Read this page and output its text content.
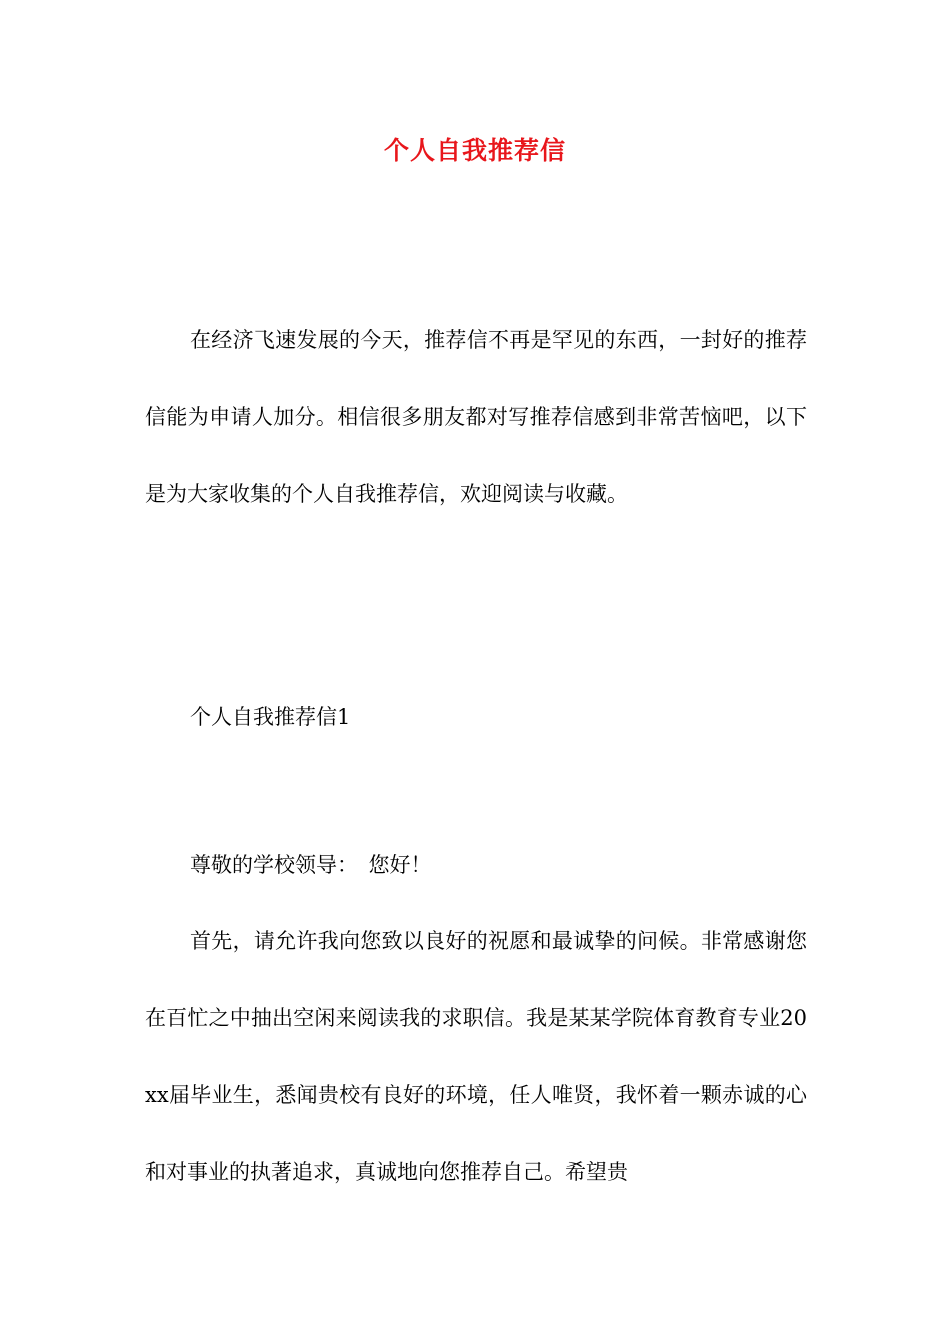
个人自我推荐信

在经济飞速发展的今天，推荐信不再是罕见的东西，一封好的推荐信能为申请人加分。相信很多朋友都对写推荐信感到非常苦恼吧，以下是为大家收集的个人自我推荐信，欢迎阅读与收藏。

个人自我推荐信1

尊敬的学校领导：　您好！

首先，请允许我向您致以良好的祝愿和最诚挚的问候。非常感谢您在百忙之中抽出空闲来阅读我的求职信。我是某某学院体育教育专业20xx届毕业生，悉闻贵校有良好的环境，任人唯贤，我怀着一颗赤诚的心和对事业的执著追求，真诚地向您推荐自己。希望贵
